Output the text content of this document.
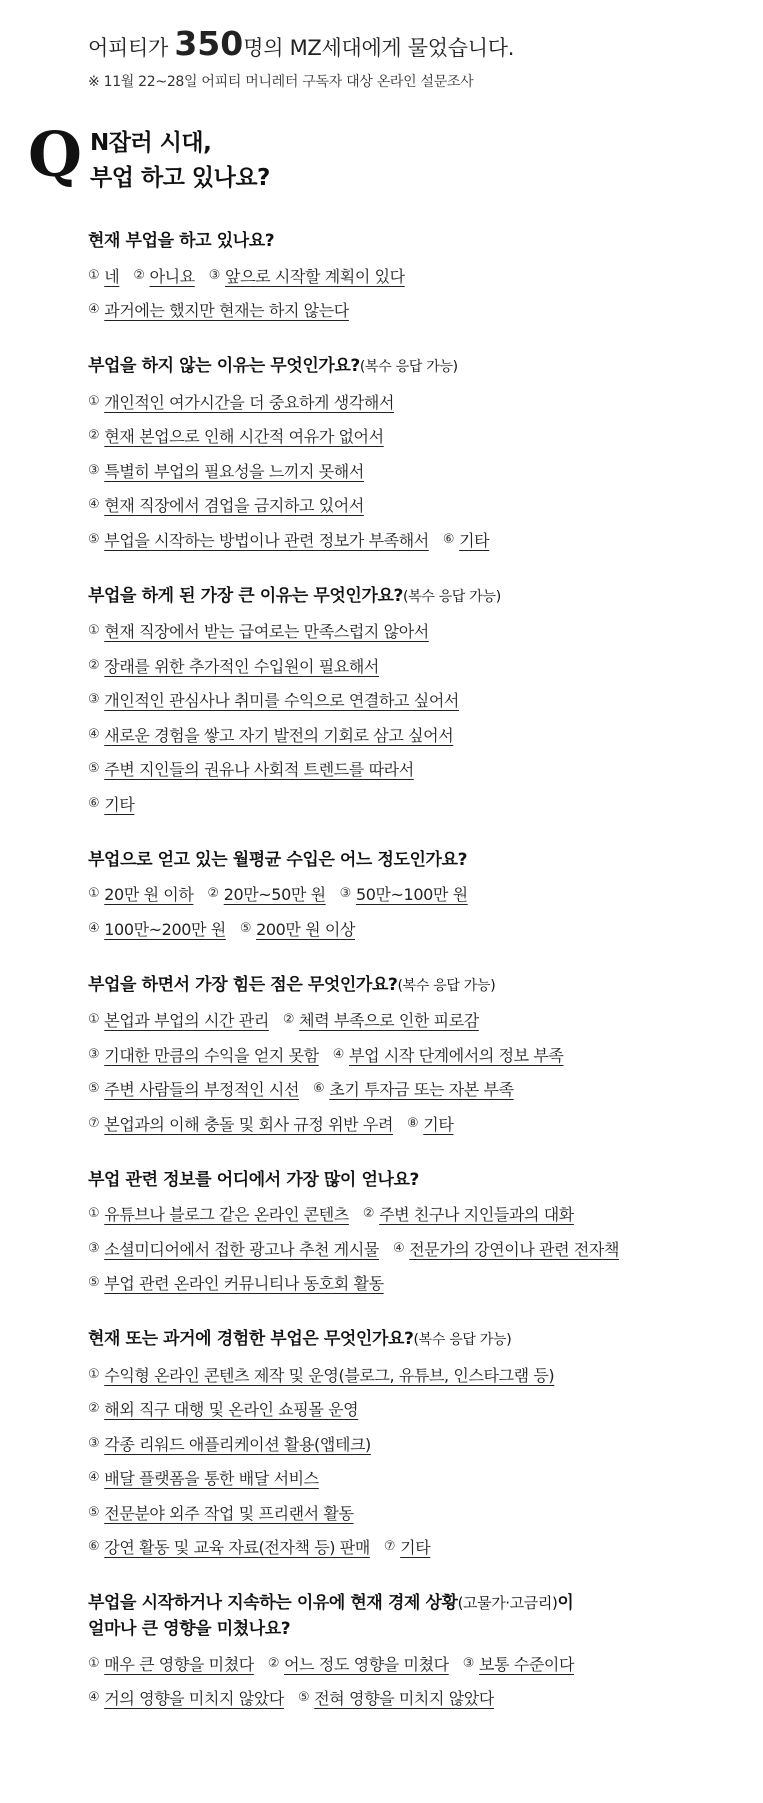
어피티가 350명의 MZ세대에게 물었습니다.
※ 11월 22~28일 어피티 머니레터 구독자 대상 온라인 설문조사
Q N잡러 시대,
부업 하고 있나요?
현재 부업을 하고 있나요?
① 네 ② 아니요 ③ 앞으로 시작할 계획이 있다
④ 과거에는 했지만 현재는 하지 않는다
부업을 하지 않는 이유는 무엇인가요?(복수 응답 가능)
① 개인적인 여가시간을 더 중요하게 생각해서
② 현재 본업으로 인해 시간적 여유가 없어서
③ 특별히 부업의 필요성을 느끼지 못해서
④ 현재 직장에서 겸업을 금지하고 있어서
⑤ 부업을 시작하는 방법이나 관련 정보가 부족해서 ⑥ 기타
부업을 하게 된 가장 큰 이유는 무엇인가요?(복수 응답 가능)
① 현재 직장에서 받는 급여로는 만족스럽지 않아서
② 장래를 위한 추가적인 수입원이 필요해서
③ 개인적인 관심사나 취미를 수익으로 연결하고 싶어서
④ 새로운 경험을 쌓고 자기 발전의 기회로 삼고 싶어서
⑤ 주변 지인들의 권유나 사회적 트렌드를 따라서
⑥ 기타
부업으로 얻고 있는 월평균 수입은 어느 정도인가요?
① 20만 원 이하 ② 20만~50만 원 ③ 50만~100만 원
④ 100만~200만 원 ⑤ 200만 원 이상
부업을 하면서 가장 힘든 점은 무엇인가요?(복수 응답 가능)
① 본업과 부업의 시간 관리 ② 체력 부족으로 인한 피로감
③ 기대한 만큼의 수익을 얻지 못함 ④ 부업 시작 단계에서의 정보 부족
⑤ 주변 사람들의 부정적인 시선 ⑥ 초기 투자금 또는 자본 부족
⑦ 본업과의 이해 충돌 및 회사 규정 위반 우려 ⑧ 기타
부업 관련 정보를 어디에서 가장 많이 얻나요?
① 유튜브나 블로그 같은 온라인 콘텐츠 ② 주변 친구나 지인들과의 대화
③ 소셜미디어에서 접한 광고나 추천 게시물 ④ 전문가의 강연이나 관련 전자책
⑤ 부업 관련 온라인 커뮤니티나 동호회 활동
현재 또는 과거에 경험한 부업은 무엇인가요?(복수 응답 가능)
① 수익형 온라인 콘텐츠 제작 및 운영(블로그, 유튜브, 인스타그램 등)
② 해외 직구 대행 및 온라인 쇼핑몰 운영
③ 각종 리워드 애플리케이션 활용(앱테크)
④ 배달 플랫폼을 통한 배달 서비스
⑤ 전문분야 외주 작업 및 프리랜서 활동
⑥ 강연 활동 및 교육 자료(전자책 등) 판매 ⑦ 기타
부업을 시작하거나 지속하는 이유에 현재 경제 상황(고물가·고금리)이
얼마나 큰 영향을 미쳤나요?
① 매우 큰 영향을 미쳤다 ② 어느 정도 영향을 미쳤다 ③ 보통 수준이다
④ 거의 영향을 미치지 않았다 ⑤ 전혀 영향을 미치지 않았다
